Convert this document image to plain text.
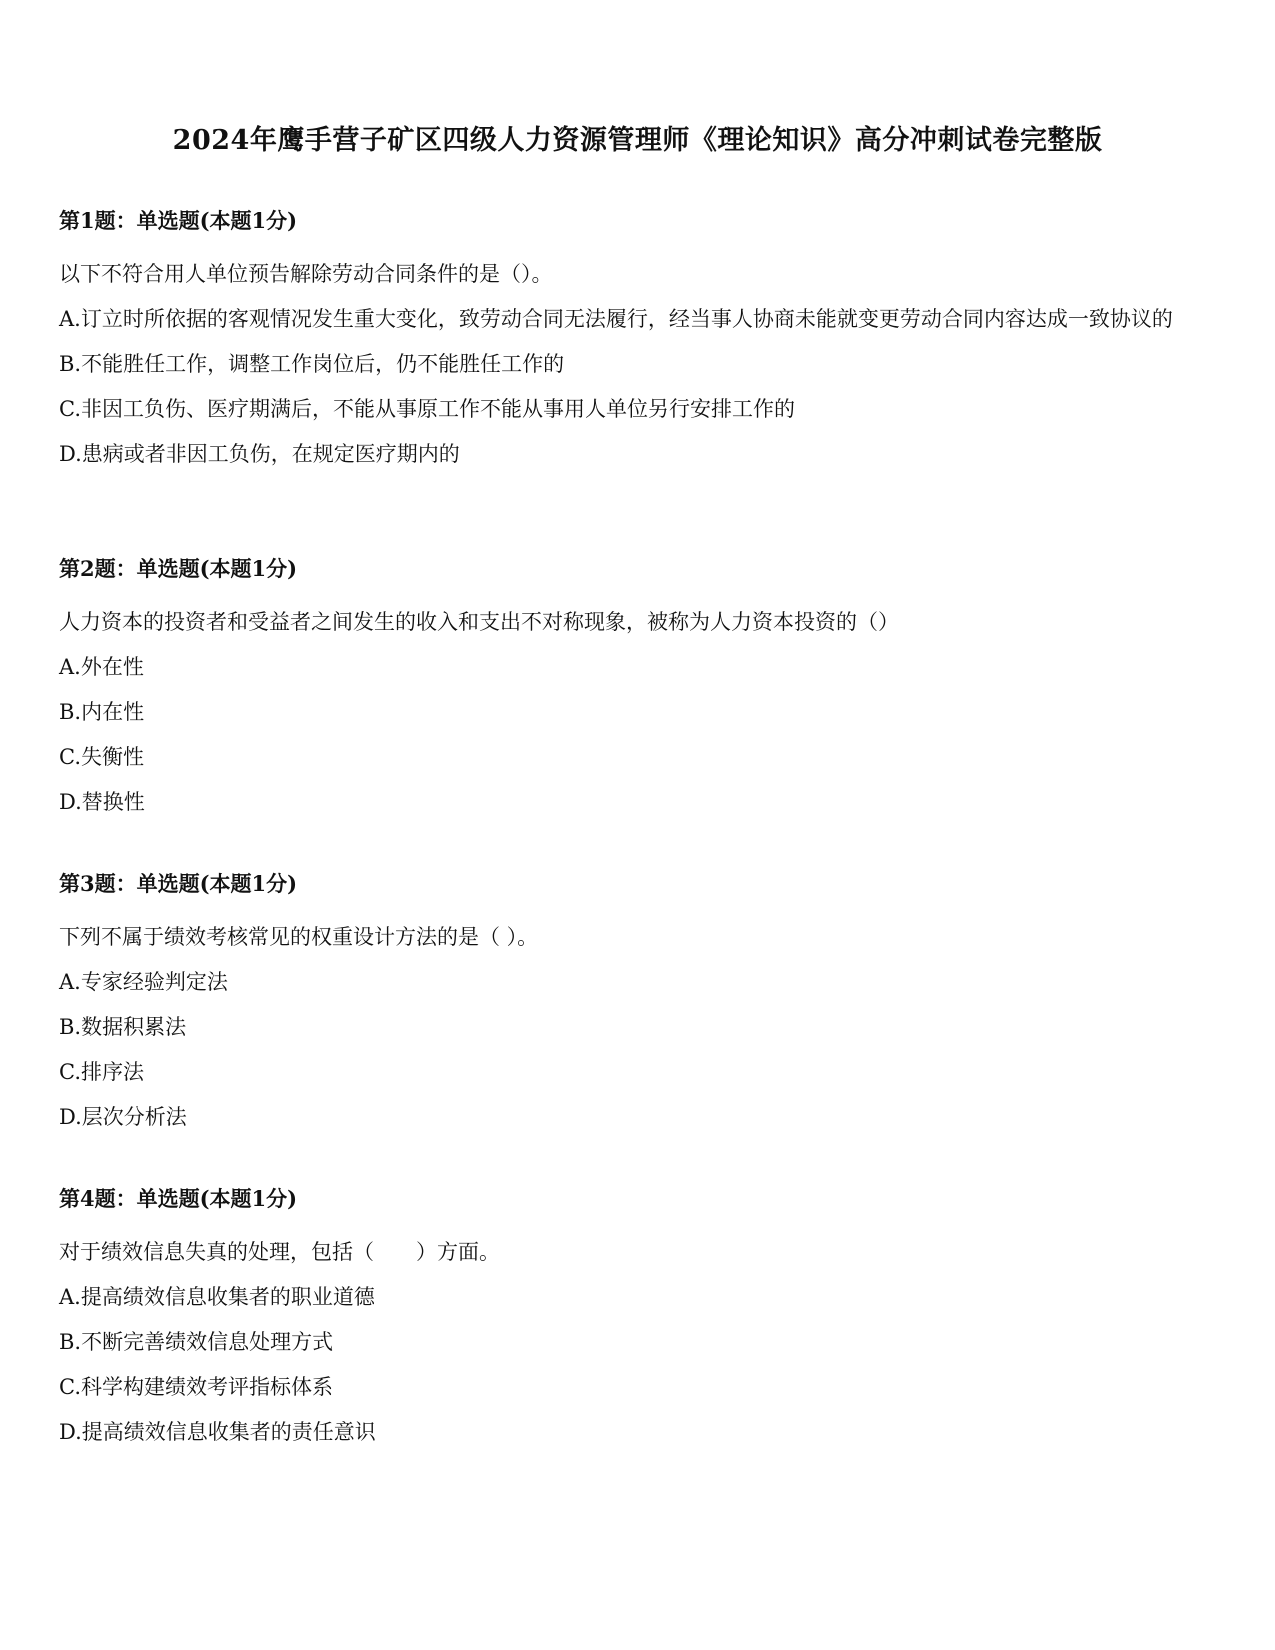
2024年鹰手营子矿区四级人力资源管理师《理论知识》高分冲刺试卷完整版

第1题：单选题(本题1分)

以下不符合用人单位预告解除劳动合同条件的是（）。

A.订立时所依据的客观情况发生重大变化，致劳动合同无法履行，经当事人协商未能就变更劳动合同内容达成一致协议的
B.不能胜任工作，调整工作岗位后，仍不能胜任工作的
C.非因工负伤、医疗期满后，不能从事原工作不能从事用人单位另行安排工作的
D.患病或者非因工负伤，在规定医疗期内的

第2题：单选题(本题1分)

人力资本的投资者和受益者之间发生的收入和支出不对称现象，被称为人力资本投资的（）

A.外在性
B.内在性
C.失衡性
D.替换性

第3题：单选题(本题1分)

下列不属于绩效考核常见的权重设计方法的是（ ）。

A.专家经验判定法
B.数据积累法
C.排序法
D.层次分析法

第4题：单选题(本题1分)

对于绩效信息失真的处理，包括（　　）方面。

A.提高绩效信息收集者的职业道德
B.不断完善绩效信息处理方式
C.科学构建绩效考评指标体系
D.提高绩效信息收集者的责任意识
